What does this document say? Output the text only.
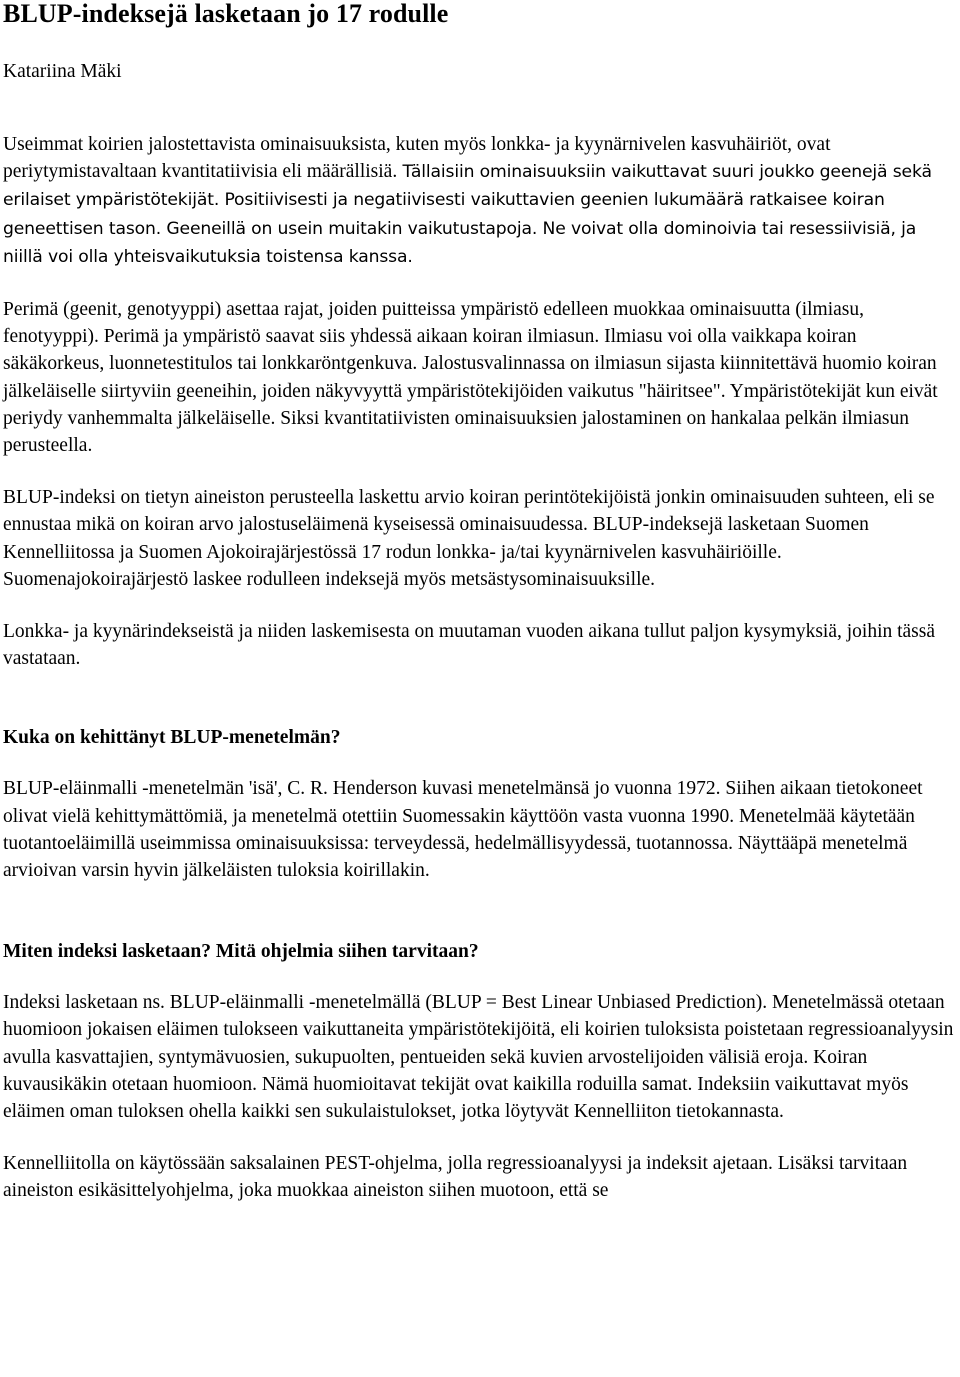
BLUP-indeksejä lasketaan jo 17 rodulle
Katariina Mäki

Useimmat koirien jalostettavista ominaisuuksista, kuten myös lonkka- ja kyynärnivelen kasvuhäiriöt, ovat periytymistavaltaan kvantitatiivisia eli määrällisiä. Tällaisiin ominaisuuksiin vaikuttavat suuri joukko geenejä sekä erilaiset ympäristötekijät. Positiivisesti ja negatiivisesti vaikuttavien geenien lukumäärä ratkaisee koiran geneettisen tason. Geeneillä on usein muitakin vaikutustapoja. Ne voivat olla dominoivia tai resessiivisiä, ja niillä voi olla yhteisvaikutuksia toistensa kanssa.

Perimä (geenit, genotyyppi) asettaa rajat, joiden puitteissa ympäristö edelleen muokkaa ominaisuutta (ilmiasu, fenotyyppi). Perimä ja ympäristö saavat siis yhdessä aikaan koiran ilmiasun. Ilmiasu voi olla vaikkapa koiran säkäkorkeus, luonnetestitulos tai lonkkaröntgenkuva. Jalostusvalinnassa on ilmiasun sijasta kiinnitettävä huomio koiran jälkeläiselle siirtyviin geeneihin, joiden näkyvyyttä ympäristötekijöiden vaikutus "häiritsee". Ympäristötekijät kun eivät periydy vanhemmalta jälkeläiselle. Siksi kvantitatiivisten ominaisuuksien jalostaminen on hankalaa pelkän ilmiasun perusteella.

BLUP-indeksi on tietyn aineiston perusteella laskettu arvio koiran perintötekijöistä jonkin ominaisuuden suhteen, eli se ennustaa mikä on koiran arvo jalostuseläimenä kyseisessä ominaisuudessa. BLUP-indeksejä lasketaan Suomen Kennelliitossa ja Suomen Ajokoirajärjestössä 17 rodun lonkka- ja/tai kyynärnivelen kasvuhäiriöille. Suomenajokoirajärjestö laskee rodulleen indeksejä myös metsästysominaisuuksille.

Lonkka- ja kyynärindekseistä ja niiden laskemisesta on muutaman vuoden aikana tullut paljon kysymyksiä, joihin tässä vastataan.

Kuka on kehittänyt BLUP-menetelmän?

BLUP-eläinmalli -menetelmän 'isä', C. R. Henderson kuvasi menetelmänsä jo vuonna 1972. Siihen aikaan tietokoneet olivat vielä kehittymättömiä, ja menetelmä otettiin Suomessakin käyttöön vasta vuonna 1990. Menetelmää käytetään tuotantoeläimillä useimmissa ominaisuuksissa: terveydessä, hedelmällisyydessä, tuotannossa. Näyttääpä menetelmä arvioivan varsin hyvin jälkeläisten tuloksia koirillakin.

Miten indeksi lasketaan? Mitä ohjelmia siihen tarvitaan?

Indeksi lasketaan ns. BLUP-eläinmalli -menetelmällä (BLUP = Best Linear Unbiased Prediction). Menetelmässä otetaan huomioon jokaisen eläimen tulokseen vaikuttaneita ympäristötekijöitä, eli koirien tuloksista poistetaan regressioanalyysin avulla kasvattajien, syntymävuosien, sukupuolten, pentueiden sekä kuvien arvostelijoiden välisiä eroja. Koiran kuvausikäkin otetaan huomioon. Nämä huomioitavat tekijät ovat kaikilla roduilla samat. Indeksiin vaikuttavat myös eläimen oman tuloksen ohella kaikki sen sukulaistulokset, jotka löytyvät Kennelliiton tietokannasta.

Kennelliitolla on käytössään saksalainen PEST-ohjelma, jolla regressioanalyysi ja indeksit ajetaan. Lisäksi tarvitaan aineiston esikäsittelyohjelma, joka muokkaa aineiston siihen muotoon, että se
